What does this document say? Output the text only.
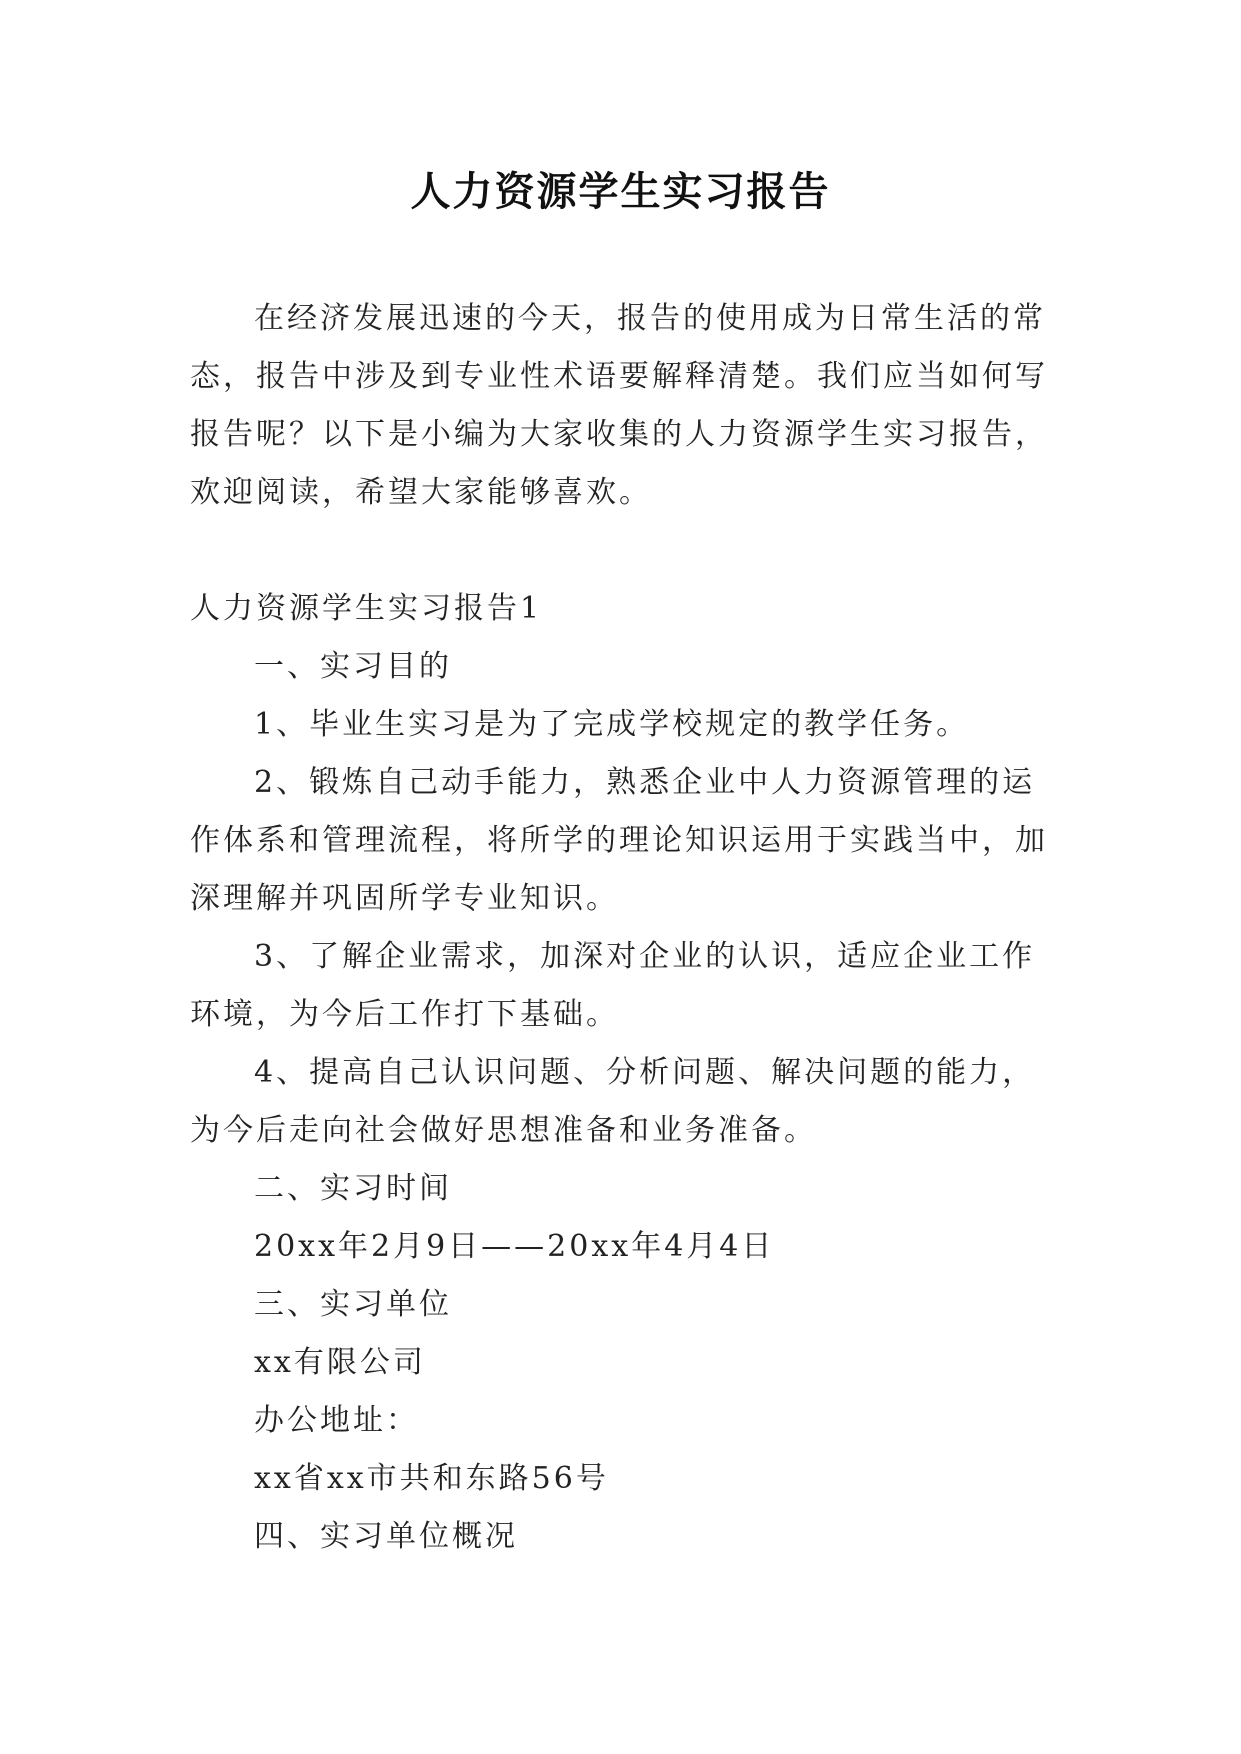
人力资源学生实习报告

在经济发展迅速的今天，报告的使用成为日常生活的常态，报告中涉及到专业性术语要解释清楚。我们应当如何写报告呢？以下是小编为大家收集的人力资源学生实习报告，欢迎阅读，希望大家能够喜欢。

人力资源学生实习报告1

一、实习目的

1、毕业生实习是为了完成学校规定的教学任务。

2、锻炼自己动手能力，熟悉企业中人力资源管理的运作体系和管理流程，将所学的理论知识运用于实践当中，加深理解并巩固所学专业知识。

3、了解企业需求，加深对企业的认识，适应企业工作环境，为今后工作打下基础。

4、提高自己认识问题、分析问题、解决问题的能力，为今后走向社会做好思想准备和业务准备。

二、实习时间

20xx年2月9日——20xx年4月4日

三、实习单位

xx有限公司

办公地址：

xx省xx市共和东路56号

四、实习单位概况
